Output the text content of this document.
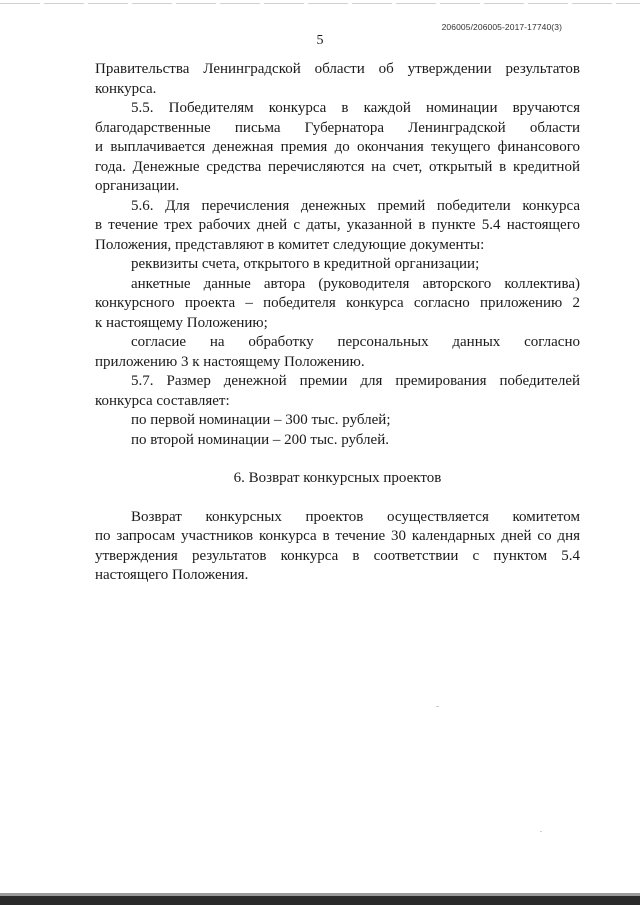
206005/206005-2017-17740(3)
5

Правительства Ленинградской области об утверждении результатов

конкурса.

5.5. Победителям конкурса в каждой номинации вручаются

благодарственные письма Губернатора Ленинградской области

и выплачивается денежная премия до окончания текущего финансового

года. Денежные средства перечисляются на счет, открытый в кредитной

организации.

5.6. Для перечисления денежных премий победители конкурса

в течение трех рабочих дней с даты, указанной в пункте 5.4 настоящего

Положения, представляют в комитет следующие документы:

реквизиты счета, открытого в кредитной организации;

анкетные данные автора (руководителя авторского коллектива)

конкурсного проекта – победителя конкурса согласно приложению 2

к настоящему Положению;

согласие на обработку персональных данных согласно

приложению 3 к настоящему Положению.

5.7. Размер денежной премии для премирования победителей

конкурса составляет:

по первой номинации – 300 тыс. рублей;

по второй номинации – 200 тыс. рублей.

6. Возврат конкурсных проектов

Возврат конкурсных проектов осуществляется комитетом

по запросам участников конкурса в течение 30 календарных дней со дня

утверждения результатов конкурса в соответствии с пунктом 5.4

настоящего Положения.
